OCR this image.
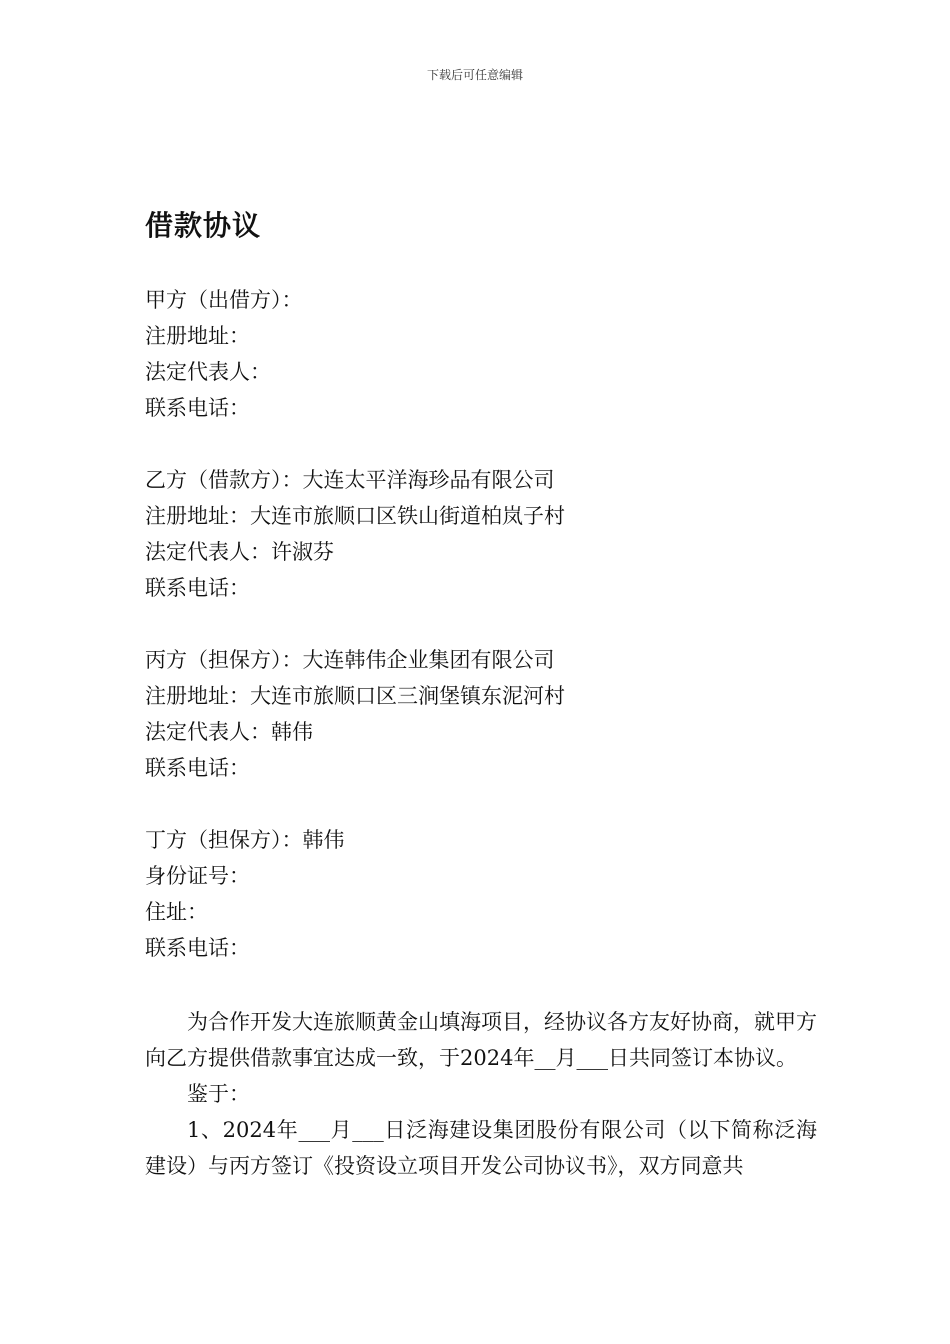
下载后可任意编辑
借款协议
甲方（出借方）：
注册地址：
法定代表人：
联系电话：
乙方（借款方）：大连太平洋海珍品有限公司
注册地址：大连市旅顺口区铁山街道柏岚子村
法定代表人：许淑芬
联系电话：
丙方（担保方）：大连韩伟企业集团有限公司
注册地址：大连市旅顺口区三涧堡镇东泥河村
法定代表人：韩伟
联系电话：
丁方（担保方）：韩伟
身份证号：
住址：
联系电话：
为合作开发大连旅顺黄金山填海项目，经协议各方友好协商，就甲方向乙方提供借款事宜达成一致，于2024年__月___日共同签订本协议。
鉴于：
1、2024年___月___日泛海建设集团股份有限公司（以下简称泛海建设）与丙方签订《投资设立项目开发公司协议书》，双方同意共
